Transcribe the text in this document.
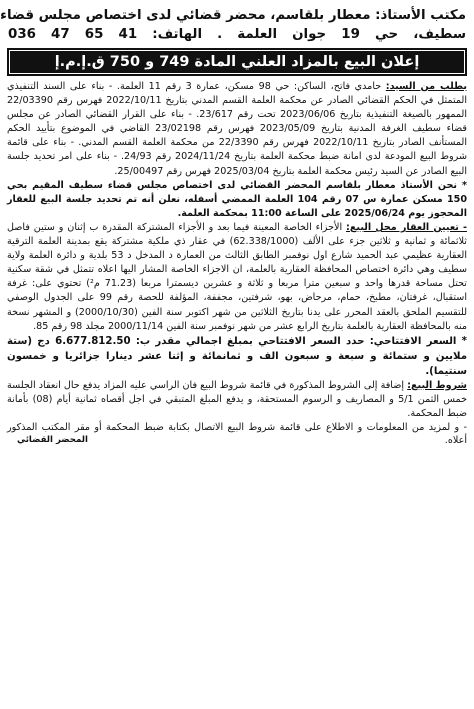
مكتب الأستاذ: معطار بلقاسم، محضر قضائي لدى اختصاص مجلس قضاء
سطيف، حي 19 جوان العلمة . الهاتف: 41 65 47 036
إعلان البيع بالمزاد العلني المادة 749 و 750 ق.إ.م.إ

بطلب من السيد: حامدي فاتح، الساكن: حي 98 مسكن، عمارة 3 رقم 11 العلمة. - بناء على السند التنفيذي المتمثل في الحكم القضائي الصادر عن محكمة العلمة القسم المدني بتاريخ 2022/10/11 فهرس رقم 22/03390 الممهور بالصيغة التنفيذية بتاريخ 2023/06/06 تحت رقم 23/617. - بناء على القرار القضائي الصادر عن مجلس قضاء سطيف الغرفة المدنية بتاريخ 2023/05/09 فهرس رقم 23/02198 القاضي في الموضوع بتأييد الحكم المستأنف الصادر بتاريخ 2022/10/11 فهرس رقم 22/3390 من محكمة العلمة القسم المدني. - بناء على قائمة شروط البيع المودعة لدى امانة ضبط محكمة العلمة بتاريخ 2024/11/24 رقم 24/93. - بناء على امر تحديد جلسة البيع الصادر عن السيد رئيس محكمة العلمة بتاريخ 2025/03/04 فهرس رقم 25/00497.

* نحن الأستاذ معطار بلقاسم المحضر القضائي لدى اختصاص مجلس قضاء سطيف المقيم بحي 150 مسكن عمارة س 07 رقم 104 العلمة الممضي أسفله، نعلن أنه تم تحديد جلسة البيع للعقار المحجوز يوم 2025/06/24 على الساعة 11:00 بمحكمة العلمة.

- تعيين العقار محل البيع: الأجزاء الخاصة المعينة فيما بعد و الأجزاء المشتركة المقدرة ب إثنان و ستين فاصل ثلاثمائة و ثمانية و ثلاثين جزء على الألف (62.338/1000) في عقار ذي ملكية مشتركة يقع بمدينة العلمة الترقية العقارية عظيمي عبد الحميد شارع اول نوفمبر الطابق الثالث من العمارة د المدخل د 53 بلدية و دائرة العلمة ولاية سطيف وهي دائرة اختصاص المحافظة العقارية بالعلمة، ان الاجزاء الخاصة المشار اليها اعلاه تتمثل في شقة سكنية تحتل مساحة قدرها واحد و سبعين مترا مربعا و ثلاثة و عشرين ديسمترا مربعا (71.23 م²) تحتوي على: غرفة استقبال، غرفتان، مطبخ، حمام، مرحاض، بهو، شرفتين، مجففة، المؤلفة للحصة رقم 99 على الجدول الوصفي للتقسيم الملحق بالعقد المحرر على يدنا بتاريخ الثلاثين من شهر اكتوبر سنة الفين (2000/10/30) و المشهر نسخة منه بالمحافظة العقارية بالعلمة بتاريخ الرابع عشر من شهر نوفمبر سنة الفين 2000/11/14 مجلد 98 رقم 85.

* السعر الافتتاحي: حدد السعر الافتتاحي بمبلغ اجمالي مقدر ب: 6.677.812.50 دج (ستة ملايين و ستمائة و سبعة و سبعون الف و ثمانمائة و إثنا عشر دينارا جزائريا و خمسون سنتيما).

شروط البيع: إضافة إلى الشروط المذكورة في قائمة شروط البيع فان الراسي عليه المزاد يدفع حال انعقاد الجلسة خمس الثمن 5/1 و المصاريف و الرسوم المستحقة، و يدفع المبلغ المتبقي في اجل أقصاه ثمانية أيام (08) بأمانة ضبط المحكمة.

- و لمزيد من المعلومات و الاطلاع على قائمة شروط البيع الاتصال بكتابة ضبط المحكمة أو مقر المكتب المذكور أعلاه.
المحضر القضائي
